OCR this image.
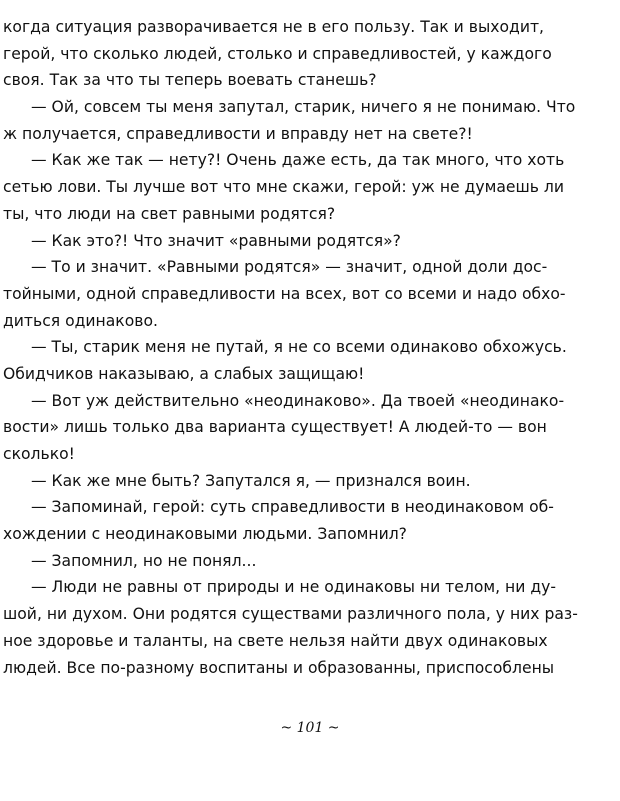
когда ситуация разворачивается не в его пользу. Так и выходит,
герой, что сколько людей, столько и справедливостей, у каждого
своя. Так за что ты теперь воевать станешь?
— Ой, совсем ты меня запутал, старик, ничего я не понимаю. Что
ж получается, справедливости и вправду нет на свете?!
— Как же так — нету?! Очень даже есть, да так много, что хоть
сетью лови. Ты лучше вот что мне скажи, герой: уж не думаешь ли
ты, что люди на свет равными родятся?
— Как это?! Что значит «равными родятся»?
— То и значит. «Равными родятся» — значит, одной доли дос-
тойными, одной справедливости на всех, вот со всеми и надо обхо-
диться одинаково.
— Ты, старик меня не путай, я не со всеми одинаково обхожусь.
Обидчиков наказываю, а слабых защищаю!
— Вот уж действительно «неодинаково». Да твоей «неодинако-
вости» лишь только два варианта существует! А людей-то — вон
сколько!
— Как же мне быть? Запутался я, — признался воин.
— Запоминай, герой: суть справедливости в неодинаковом об-
хождении с неодинаковыми людьми. Запомнил?
— Запомнил, но не понял...
— Люди не равны от природы и не одинаковы ни телом, ни ду-
шой, ни духом. Они родятся существами различного пола, у них раз-
ное здоровье и таланты, на свете нельзя найти двух одинаковых
людей. Все по-разному воспитаны и образованны, приспособлены
~ 101 ~
